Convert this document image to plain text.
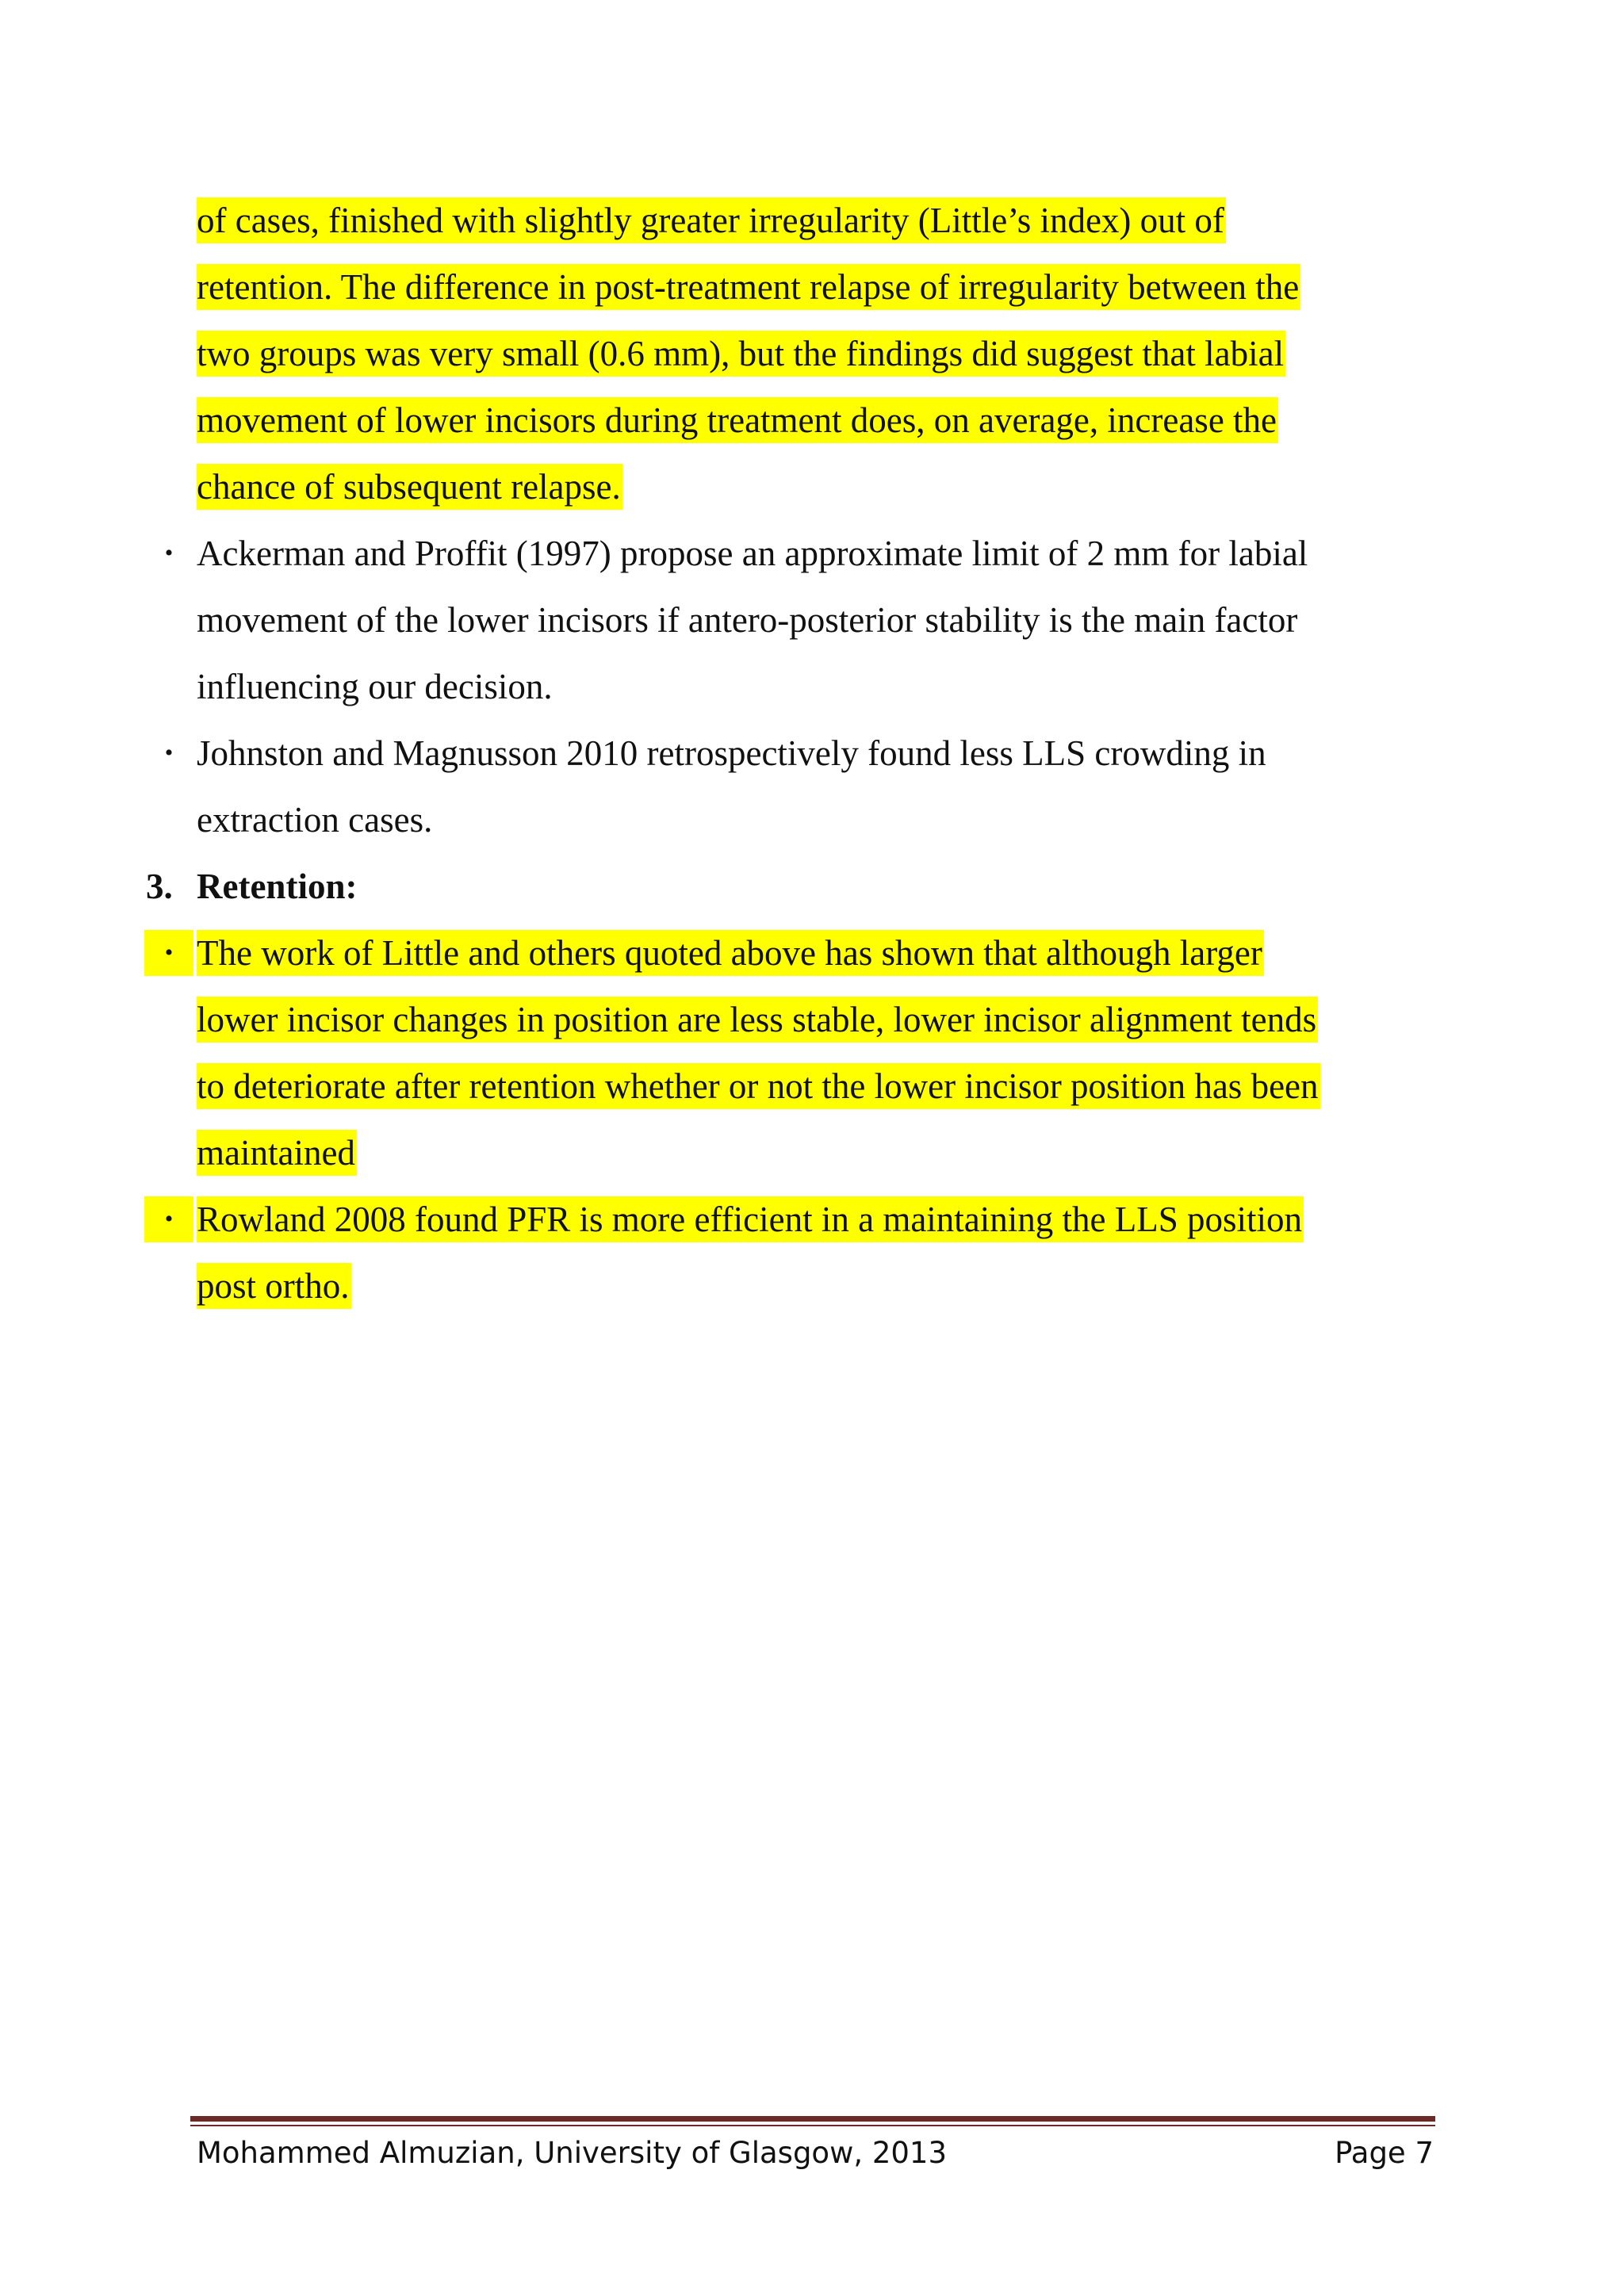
of cases, finished with slightly greater irregularity (Little’s index) out of
retention. The difference in post-treatment relapse of irregularity between the
two groups was very small (0.6 mm), but the findings did suggest that labial
movement of lower incisors during treatment does, on average, increase the
chance of subsequent relapse.
• Ackerman and Proffit (1997) propose an approximate limit of 2 mm for labial
movement of the lower incisors if antero-posterior stability is the main factor
influencing our decision.
• Johnston and Magnusson 2010 retrospectively found less LLS crowding in
extraction cases.
3. Retention:
• The work of Little and others quoted above has shown that although larger
lower incisor changes in position are less stable, lower incisor alignment tends
to deteriorate after retention whether or not the lower incisor position has been
maintained
• Rowland 2008 found PFR is more efficient in a maintaining the LLS position
post ortho.
Mohammed Almuzian, University of Glasgow, 2013	Page 7
